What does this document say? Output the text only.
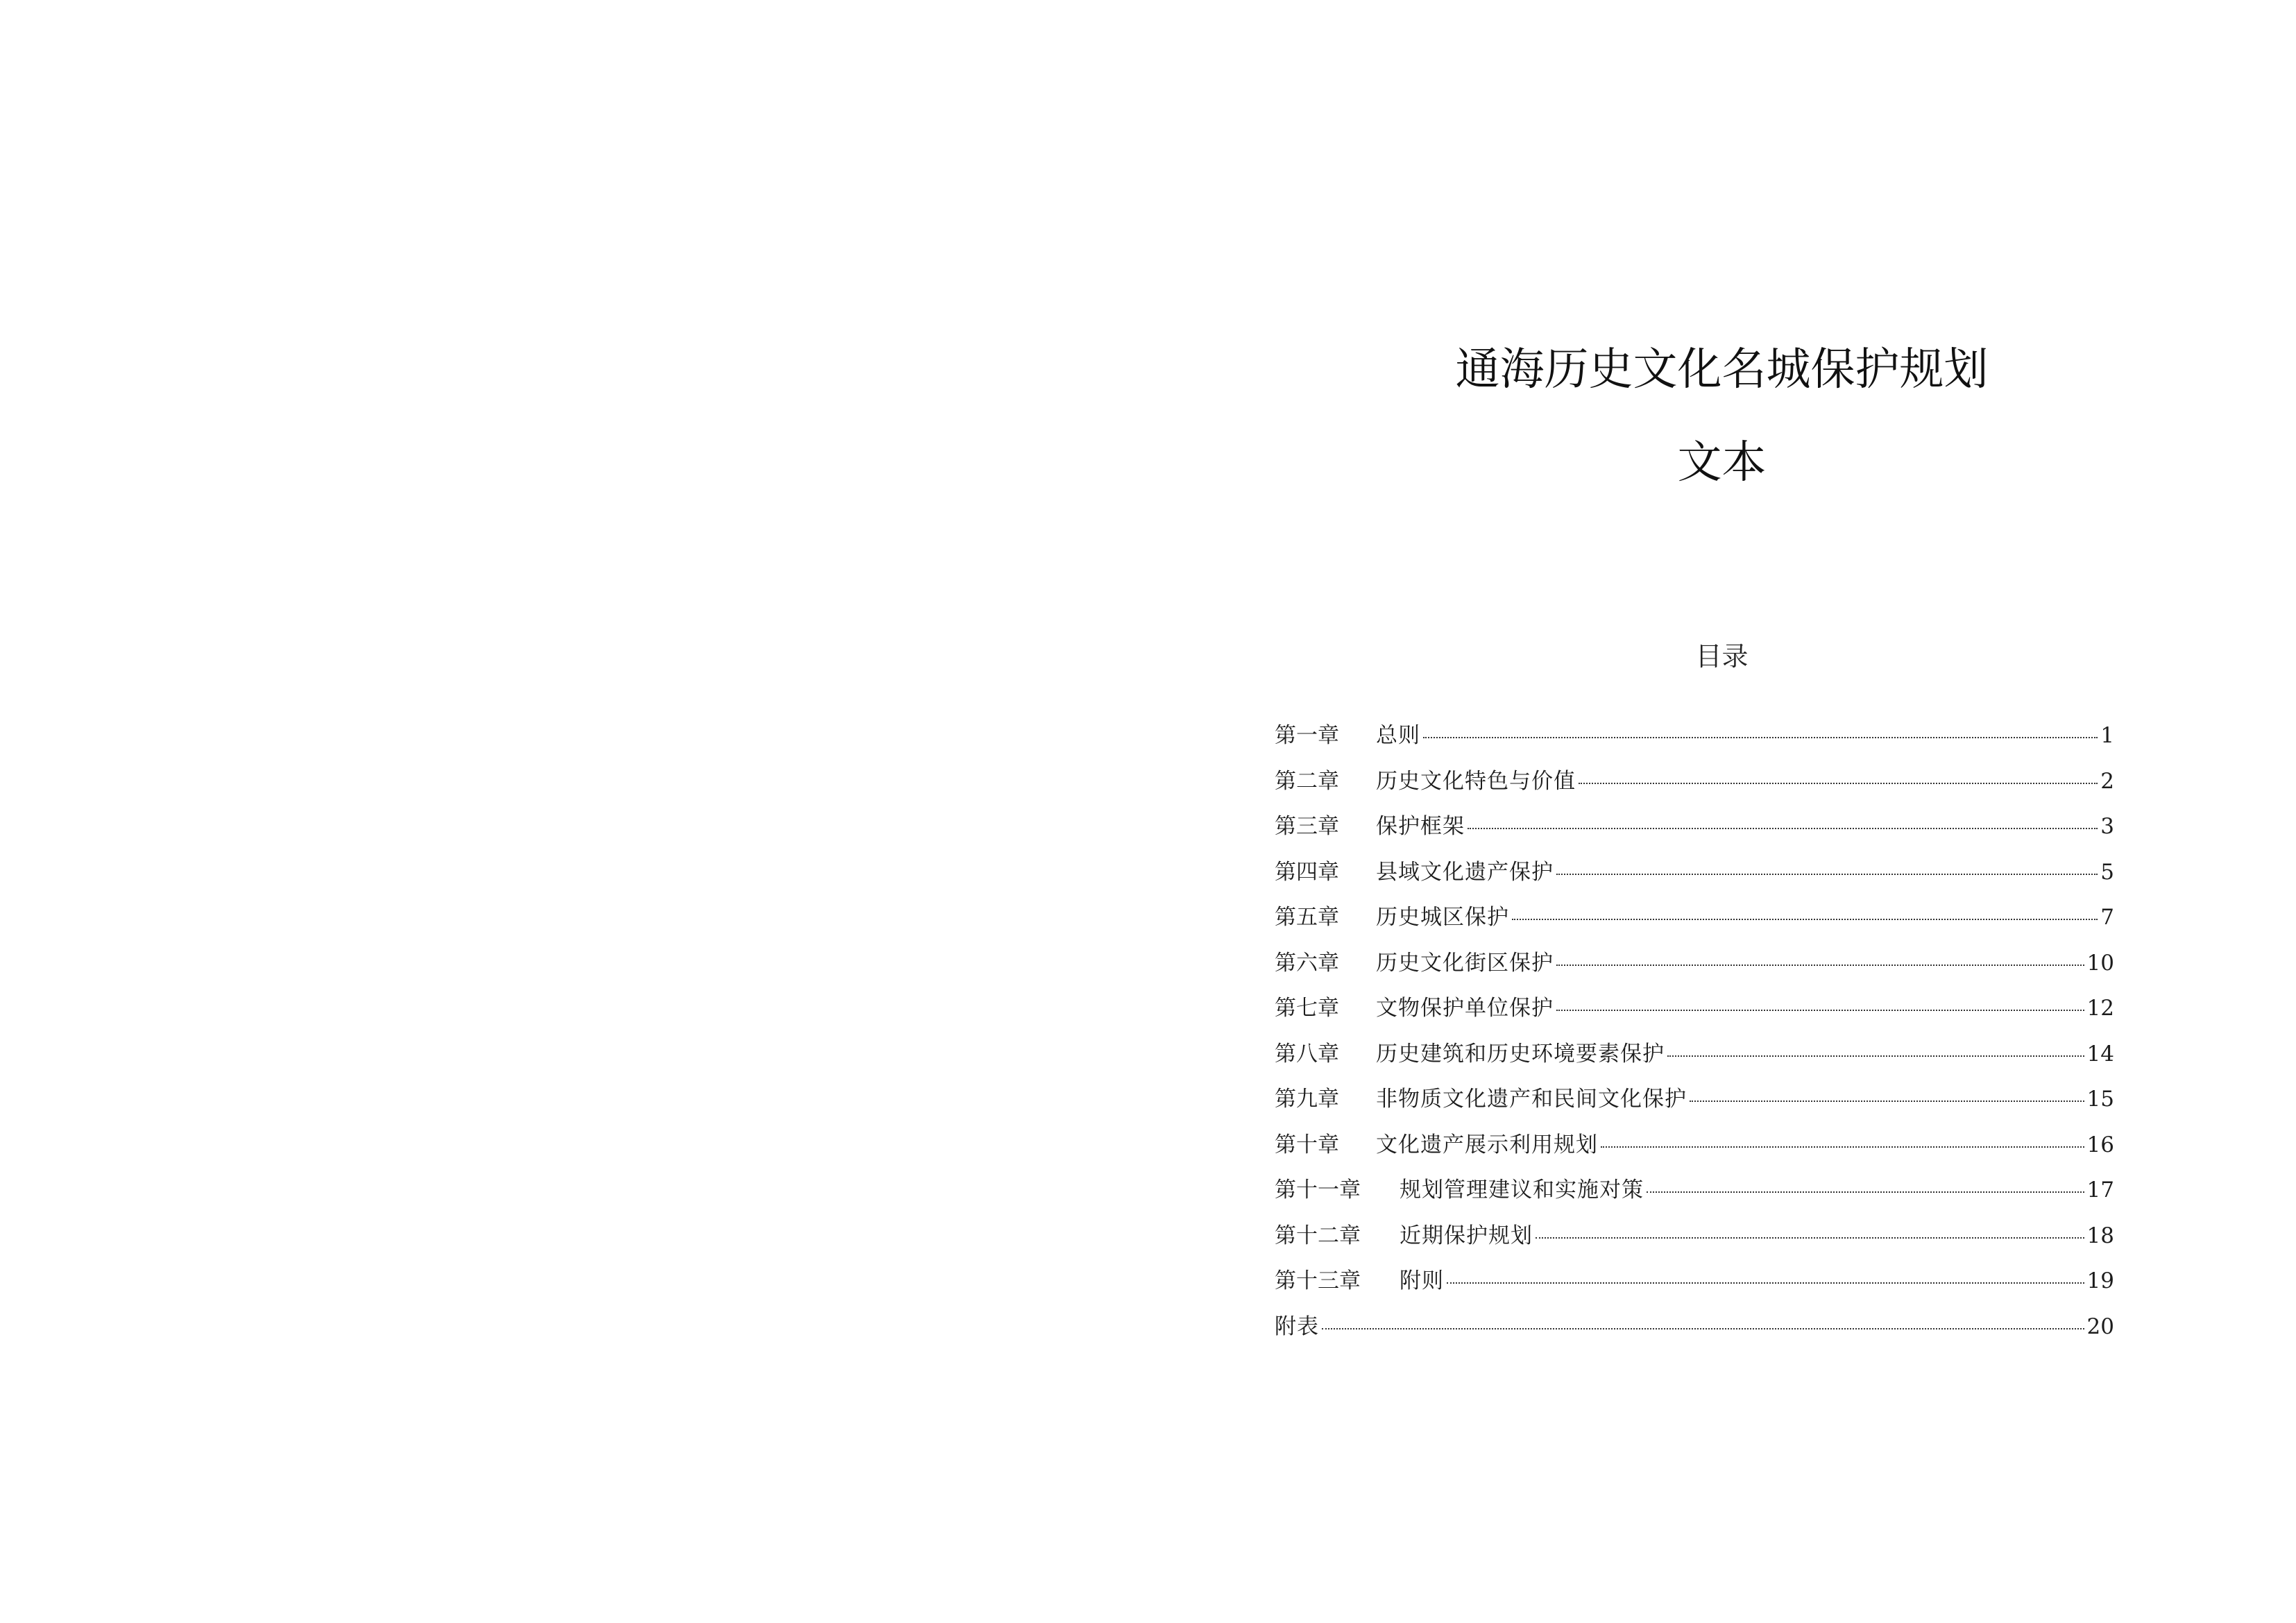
通海历史文化名城保护规划
文本
目录
第一章	总则	1
第二章	历史文化特色与价值	2
第三章	保护框架	3
第四章	县域文化遗产保护	5
第五章	历史城区保护	7
第六章	历史文化街区保护	10
第七章	文物保护单位保护	12
第八章	历史建筑和历史环境要素保护	14
第九章	非物质文化遗产和民间文化保护	15
第十章	文化遗产展示利用规划	16
第十一章	规划管理建议和实施对策	17
第十二章	近期保护规划	18
第十三章	附则	19
附表	20
